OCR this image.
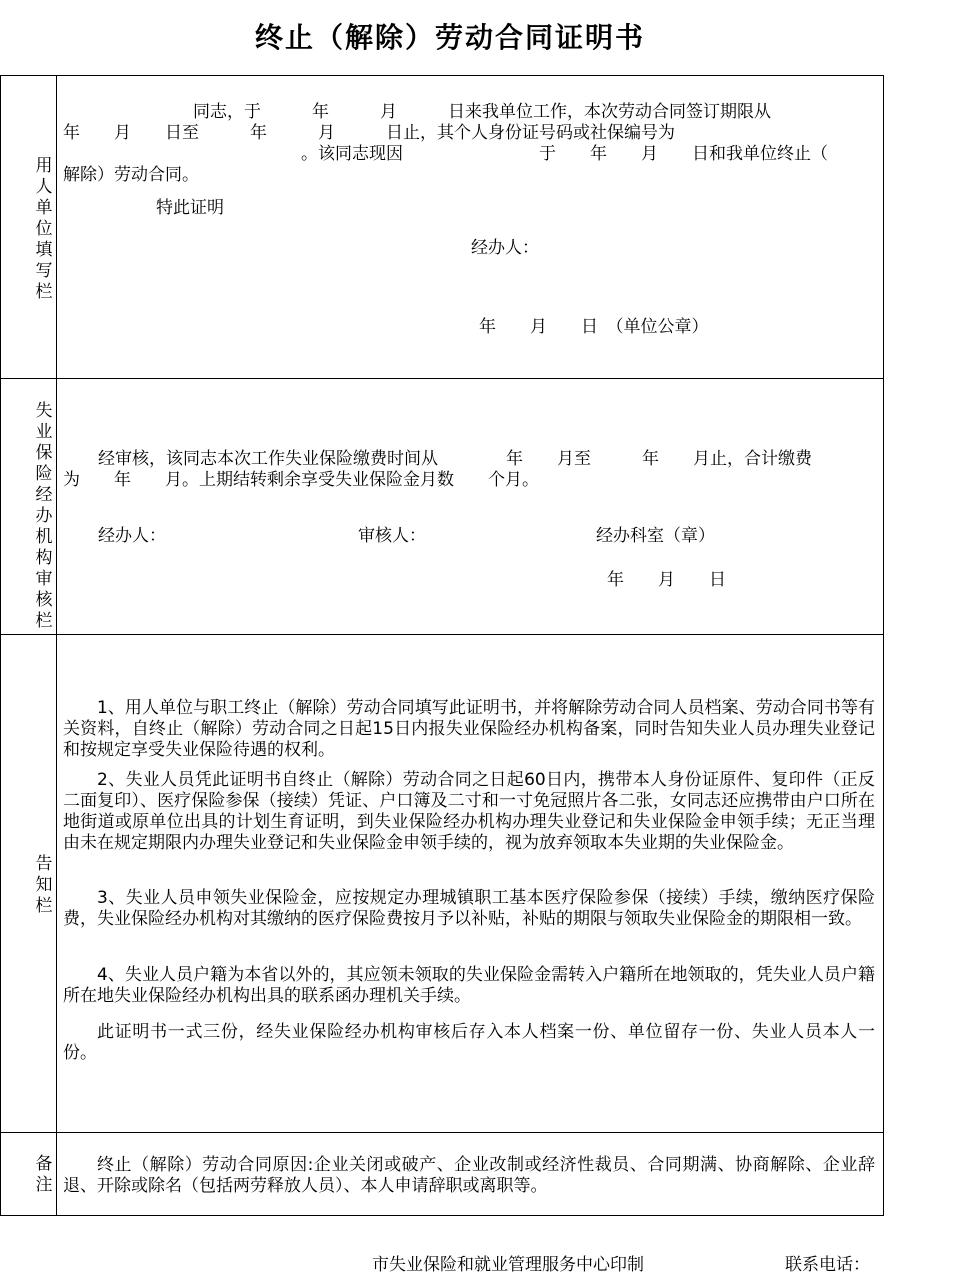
终止（解除）劳动合同证明书
用人单位填写栏
同志，于　　　年　　　月　　　日来我单位工作，本次劳动合同签订期限从
年　　月　　日至　　　年　　　月　　　日止，其个人身份证号码或社保编号为
。该同志现因　　　　　　　　于　　年　　月　　日和我单位终止（
解除）劳动合同。
特此证明
经办人：
年　　月　　日　（单位公章）
失业保险经办机构审核栏
经审核，该同志本次工作失业保险缴费时间从　　　　年　　月至　　　年　　月止，合计缴费
为　　年　　月。上期结转剩余享受失业保险金月数　　个月。
经办人：	审核人：	经办科室（章）
年　　月　　日
告知栏
1、用人单位与职工终止（解除）劳动合同填写此证明书，并将解除劳动合同人员档案、劳动合同书等有关资料，自终止（解除）劳动合同之日起15日内报失业保险经办机构备案，同时告知失业人员办理失业登记和按规定享受失业保险待遇的权利。
2、失业人员凭此证明书自终止（解除）劳动合同之日起60日内，携带本人身份证原件、复印件（正反二面复印）、医疗保险参保（接续）凭证、户口簿及二寸和一寸免冠照片各二张，女同志还应携带由户口所在地街道或原单位出具的计划生育证明，到失业保险经办机构办理失业登记和失业保险金申领手续；无正当理由未在规定期限内办理失业登记和失业保险金申领手续的，视为放弃领取本失业期的失业保险金。
3、失业人员申领失业保险金，应按规定办理城镇职工基本医疗保险参保（接续）手续，缴纳医疗保险费，失业保险经办机构对其缴纳的医疗保险费按月予以补贴，补贴的期限与领取失业保险金的期限相一致。
4、失业人员户籍为本省以外的，其应领未领取的失业保险金需转入户籍所在地领取的，凭失业人员户籍所在地失业保险经办机构出具的联系函办理机关手续。
此证明书一式三份，经失业保险经办机构审核后存入本人档案一份、单位留存一份、失业人员本人一份。
备注
终止（解除）劳动合同原因:企业关闭或破产、企业改制或经济性裁员、合同期满、协商解除、企业辞退、开除或除名（包括两劳释放人员）、本人申请辞职或离职等。
市失业保险和就业管理服务中心印制	联系电话：
